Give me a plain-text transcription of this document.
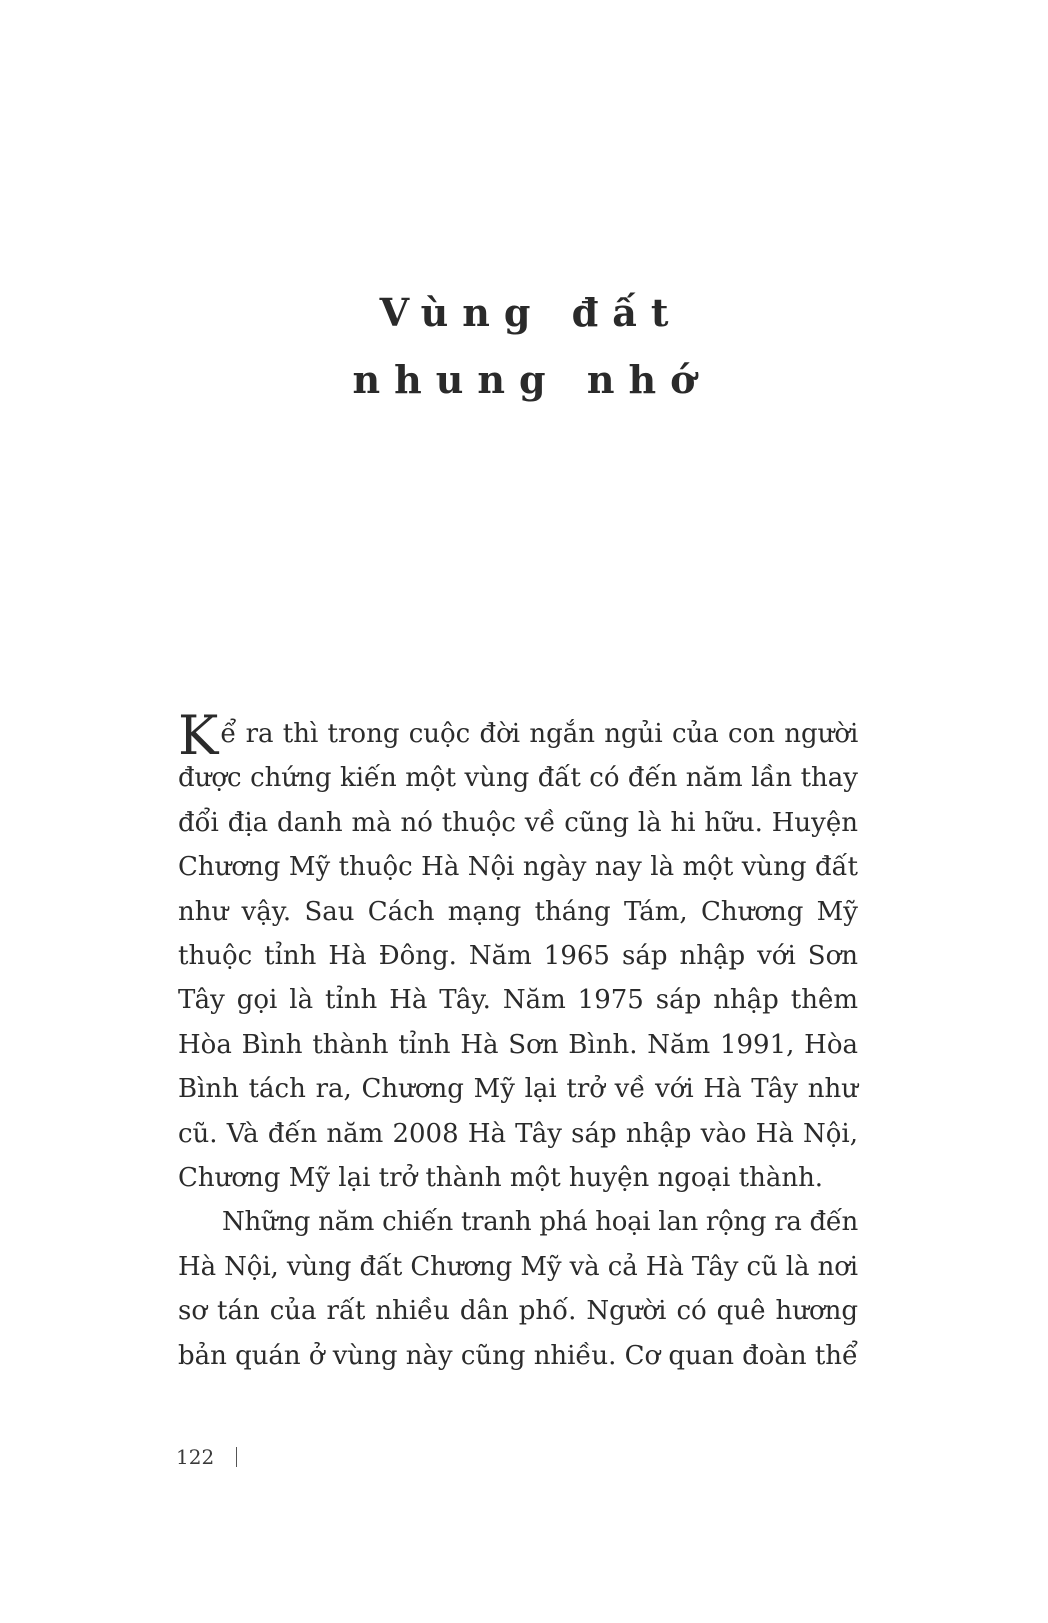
Vùng đất
nhung nhớ
K ể ra thì trong cuộc đời ngắn ngủi của con người
được chứng kiến một vùng đất có đến năm lần thay
đổi địa danh mà nó thuộc về cũng là hi hữu. Huyện
Chương Mỹ thuộc Hà Nội ngày nay là một vùng đất
như vậy. Sau Cách mạng tháng Tám, Chương Mỹ
thuộc tỉnh Hà Đông. Năm 1965 sáp nhập với Sơn
Tây gọi là tỉnh Hà Tây. Năm 1975 sáp nhập thêm
Hòa Bình thành tỉnh Hà Sơn Bình. Năm 1991, Hòa
Bình tách ra, Chương Mỹ lại trở về với Hà Tây như
cũ. Và đến năm 2008 Hà Tây sáp nhập vào Hà Nội,
Chương Mỹ lại trở thành một huyện ngoại thành.
Những năm chiến tranh phá hoại lan rộng ra đến
Hà Nội, vùng đất Chương Mỹ và cả Hà Tây cũ là nơi
sơ tán của rất nhiều dân phố. Người có quê hương
bản quán ở vùng này cũng nhiều. Cơ quan đoàn thể
122
